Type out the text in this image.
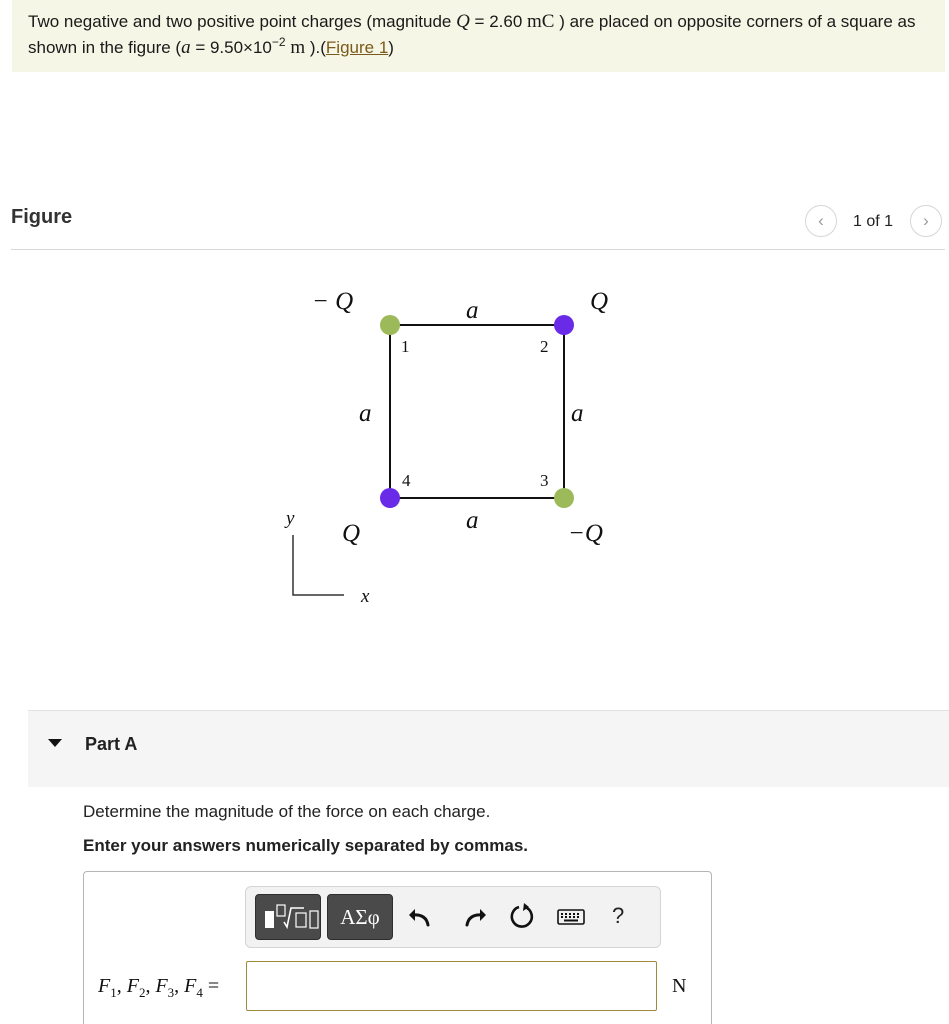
Two negative and two positive point charges (magnitude Q = 2.60 mC ) are placed on opposite corners of a square as shown in the figure ($a = 9.50\times 10^{-2}$ m ).(Figure 1)
Figure	‹	1 of 1	›
− Q	Q
−Q
Q
a
a
a
a
1	2
3
4
y
x
Part A
Determine the magnitude of the force on each charge.
Enter your answers numerically separated by commas.
ΑΣφ	?
$F_1$, $F_2$, $F_3$, $F_4$ =	N
